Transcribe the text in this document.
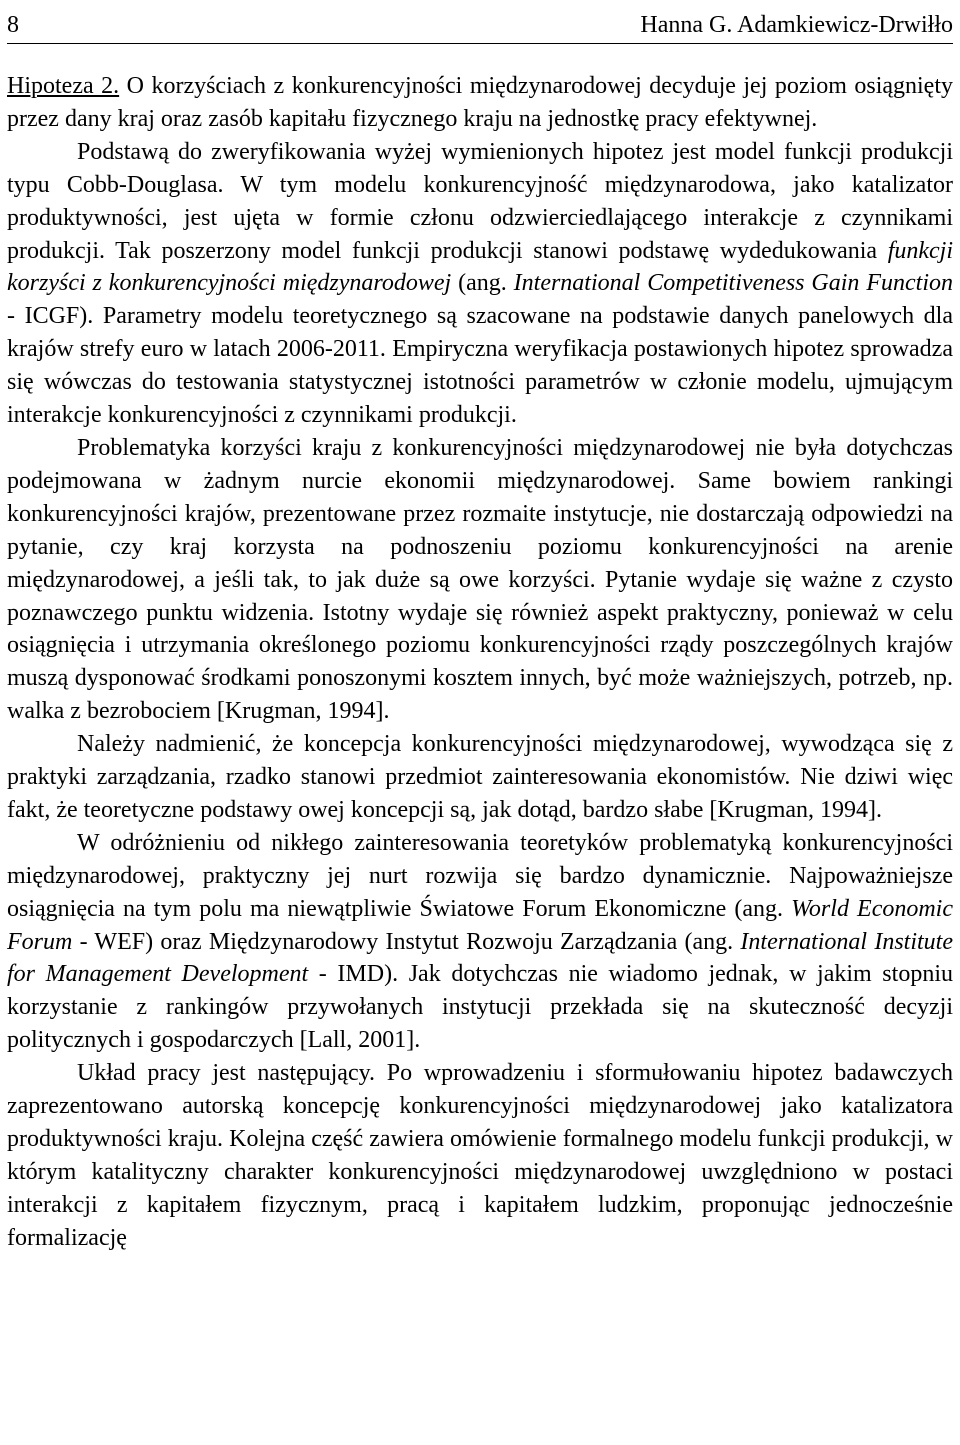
8	Hanna G. Adamkiewicz-Drwiłło

Hipoteza 2. O korzyściach z konkurencyjności międzynarodowej decyduje jej poziom osiągnięty przez dany kraj oraz zasób kapitału fizycznego kraju na jednostkę pracy efektywnej.

Podstawą do zweryfikowania wyżej wymienionych hipotez jest model funkcji produkcji typu Cobb-Douglasa. W tym modelu konkurencyjność międzynarodowa, jako katalizator produktywności, jest ujęta w formie członu odzwierciedlającego interakcje z czynnikami produkcji. Tak poszerzony model funkcji produkcji stanowi podstawę wydedukowania funkcji korzyści z konkurencyjności międzynarodowej (ang. International Competitiveness Gain Function - ICGF). Parametry modelu teoretycznego są szacowane na podstawie danych panelowych dla krajów strefy euro w latach 2006-2011. Empiryczna weryfikacja postawionych hipotez sprowadza się wówczas do testowania statystycznej istotności parametrów w członie modelu, ujmującym interakcje konkurencyjności z czynnikami produkcji.

Problematyka korzyści kraju z konkurencyjności międzynarodowej nie była dotychczas podejmowana w żadnym nurcie ekonomii międzynarodowej. Same bowiem rankingi konkurencyjności krajów, prezentowane przez rozmaite instytucje, nie dostarczają odpowiedzi na pytanie, czy kraj korzysta na podnoszeniu poziomu konkurencyjności na arenie międzynarodowej, a jeśli tak, to jak duże są owe korzyści. Pytanie wydaje się ważne z czysto poznawczego punktu widzenia. Istotny wydaje się również aspekt praktyczny, ponieważ w celu osiągnięcia i utrzymania określonego poziomu konkurencyjności rządy poszczególnych krajów muszą dysponować środkami ponoszonymi kosztem innych, być może ważniejszych, potrzeb, np. walka z bezrobociem [Krugman, 1994].

Należy nadmienić, że koncepcja konkurencyjności międzynarodowej, wywodząca się z praktyki zarządzania, rzadko stanowi przedmiot zainteresowania ekonomistów. Nie dziwi więc fakt, że teoretyczne podstawy owej koncepcji są, jak dotąd, bardzo słabe [Krugman, 1994].

W odróżnieniu od nikłego zainteresowania teoretyków problematyką konkurencyjności międzynarodowej, praktyczny jej nurt rozwija się bardzo dynamicznie. Najpoważniejsze osiągnięcia na tym polu ma niewątpliwie Światowe Forum Ekonomiczne (ang. World Economic Forum - WEF) oraz Międzynarodowy Instytut Rozwoju Zarządzania (ang. International Institute for Management Development - IMD). Jak dotychczas nie wiadomo jednak, w jakim stopniu korzystanie z rankingów przywołanych instytucji przekłada się na skuteczność decyzji politycznych i gospodarczych [Lall, 2001].

Układ pracy jest następujący. Po wprowadzeniu i sformułowaniu hipotez badawczych zaprezentowano autorską koncepcję konkurencyjności międzynarodowej jako katalizatora produktywności kraju. Kolejna część zawiera omówienie formalnego modelu funkcji produkcji, w którym katalityczny charakter konkurencyjności międzynarodowej uwzględniono w postaci interakcji z kapitałem fizycznym, pracą i kapitałem ludzkim, proponując jednocześnie formalizację
